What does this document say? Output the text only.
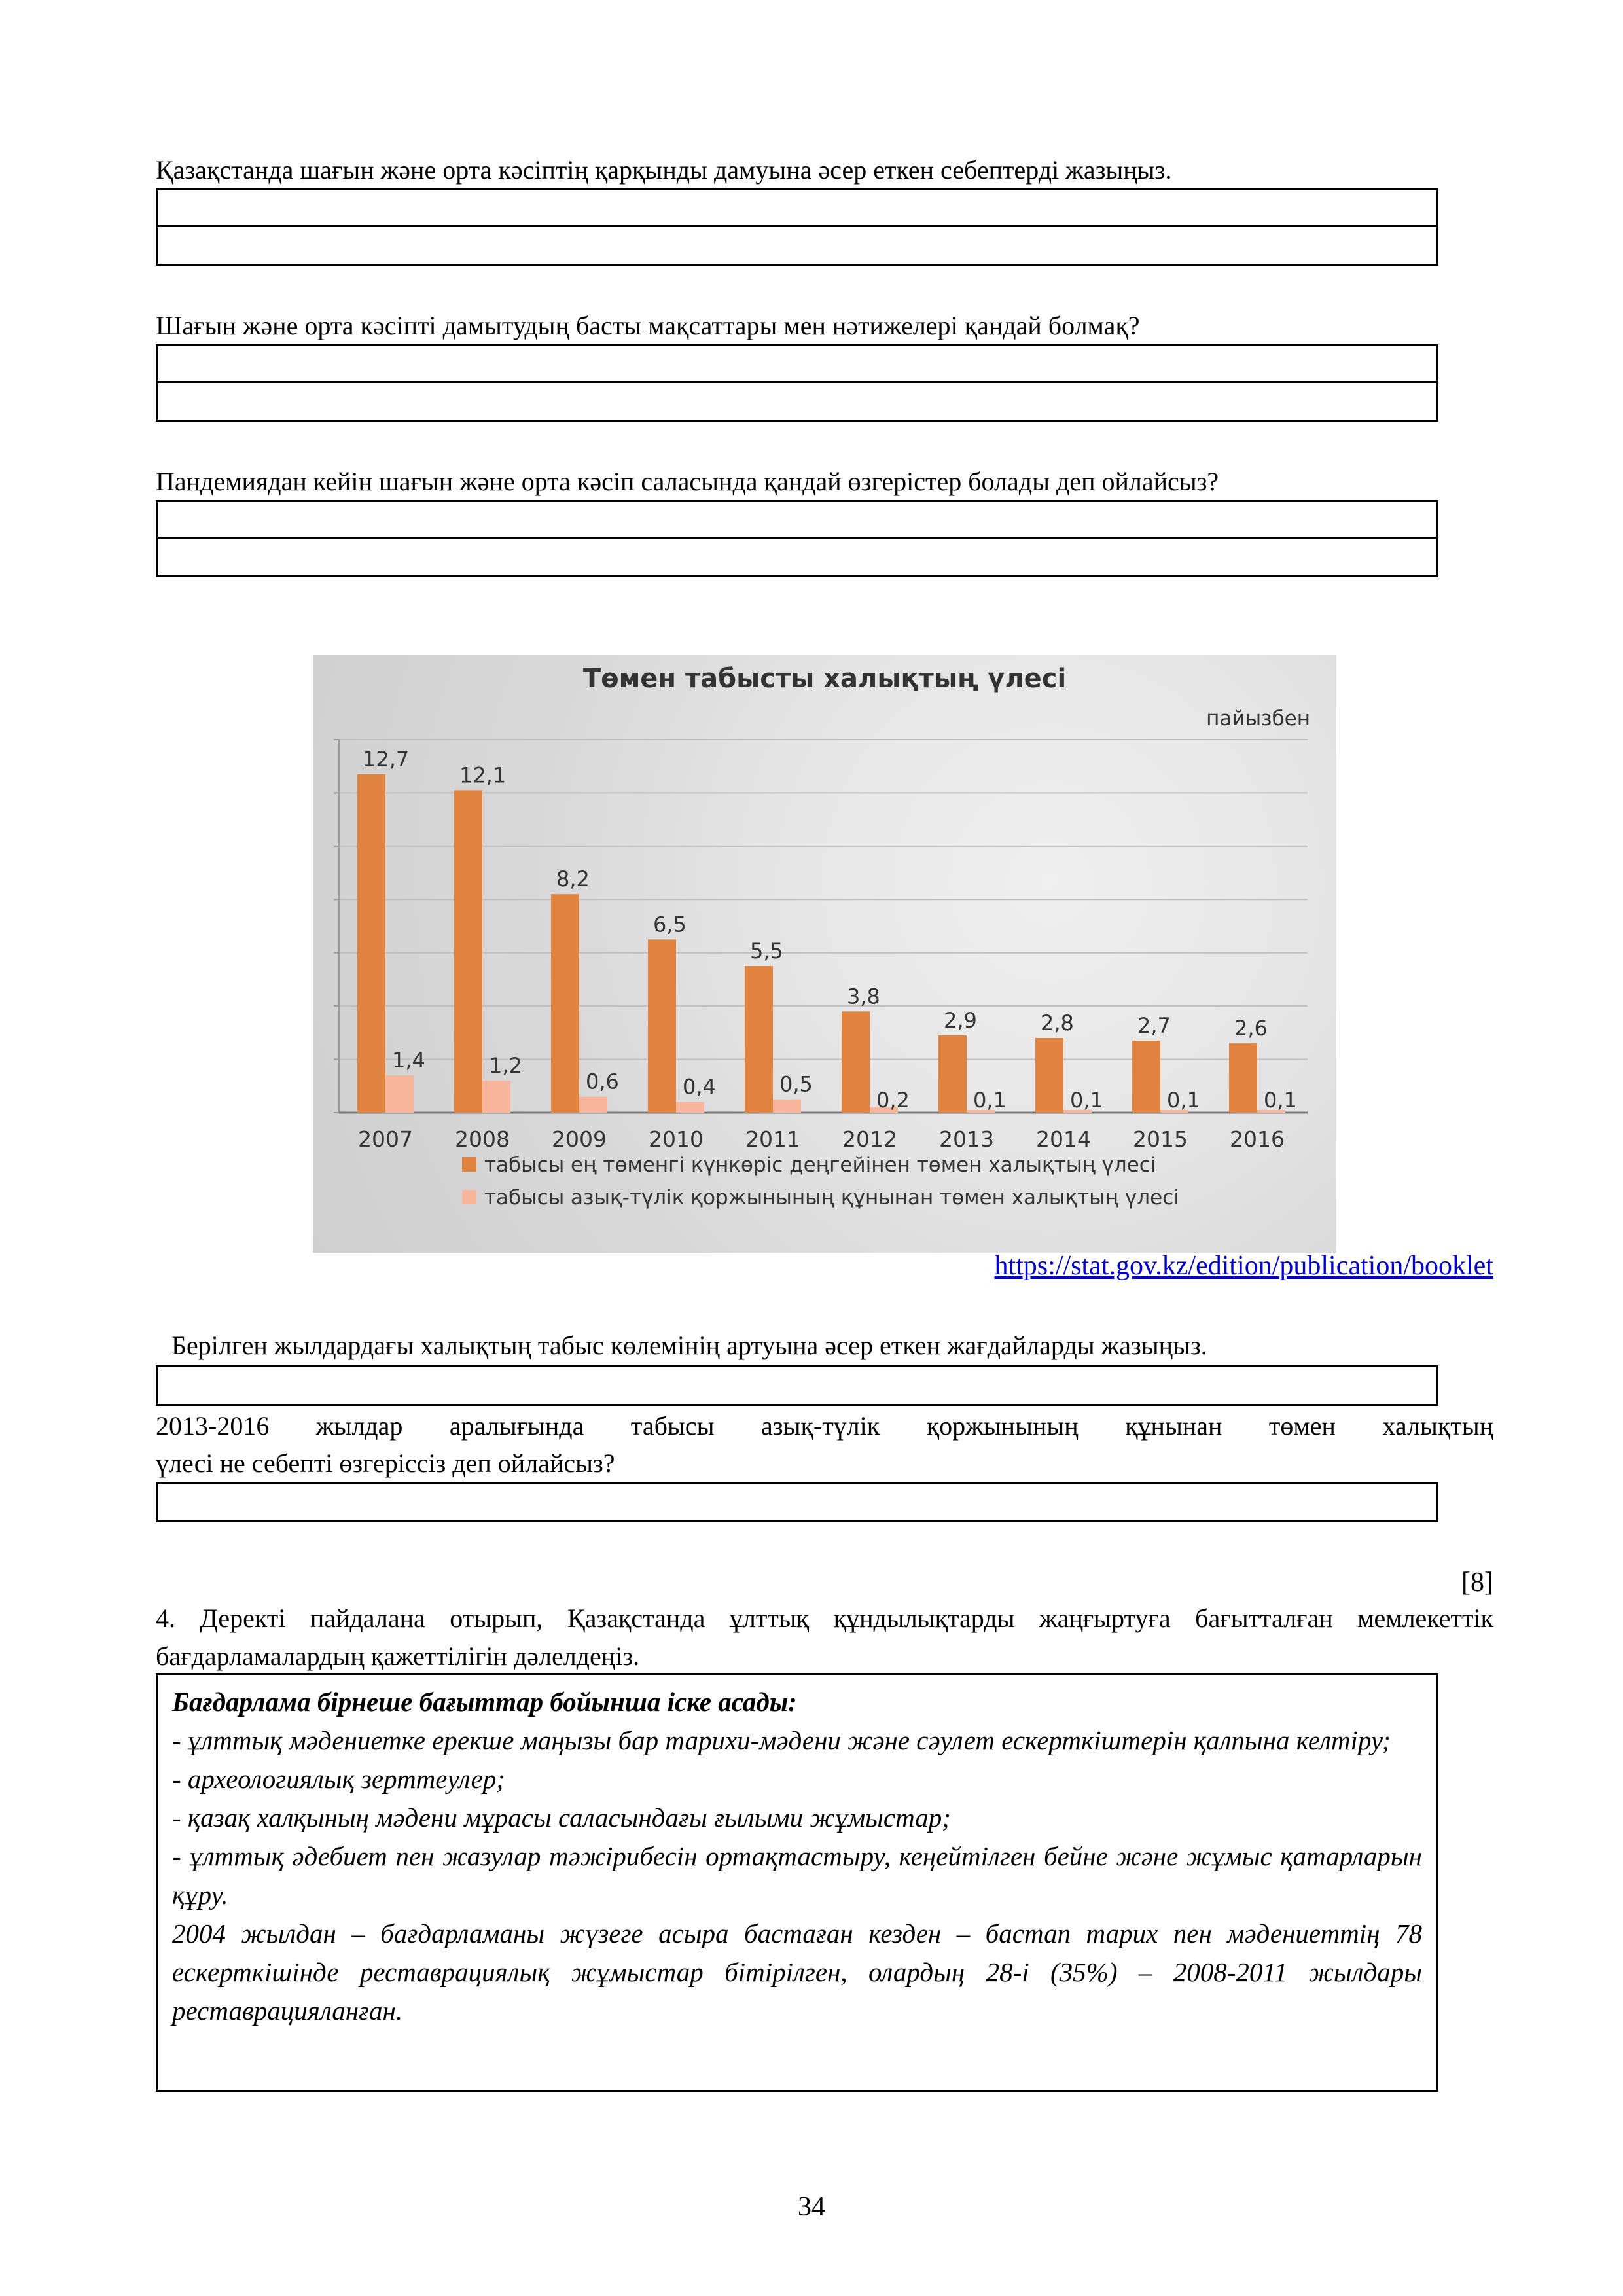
Қазақстанда шағын және орта кәсіптің қарқынды дамуына әсер еткен себептерді жазыңыз.
Шағын және орта кәсіпті дамытудың басты мақсаттары мен нәтижелері қандай болмақ?
Пандемиядан кейін шағын және орта кәсіп саласында қандай өзгерістер болады деп ойлайсыз?
Төмен табысты халықтың үлесі
пайызбен
12,7
1,4
12,1
1,2
8,2
0,6
6,5
0,4
5,5
0,5
3,8
0,2
2,9
0,1
2,8
0,1
2,7
0,1
2,6
0,1
2007 2008 2009 2010 2011 2012 2013 2014 2015 2016
табысы ең төменгі күнкөріс деңгейінен төмен халықтың үлесі
табысы азық-түлік қоржынының құнынан төмен халықтың үлесі
https://stat.gov.kz/edition/publication/booklet
Берілген жылдардағы халықтың табыс көлемінің артуына әсер еткен жағдайларды жазыңыз.
2013-2016 жылдар аралығында табысы азық-түлік қоржынының құнынан төмен халықтың
үлесі не себепті өзгеріссіз деп ойлайсыз?
[8]
4. Деректі пайдалана отырып, Қазақстанда ұлттық құндылықтарды жаңғыртуға бағытталған мемлекеттік бағдарламалардың қажеттілігін дәлелдеңіз.

Бағдарлама бірнеше бағыттар бойынша іске асады:

- ұлттық мәдениетке ерекше маңызы бар тарихи-мәдени және сәулет ескерткіштерін қалпына келтіру;

- археологиялық зерттеулер;

- қазақ халқының мәдени мұрасы саласындағы ғылыми жұмыстар;

- ұлттық әдебиет пен жазулар тәжірибесін ортақтастыру, кеңейтілген бейне және жұмыс қатарларын құру.

2004 жылдан – бағдарламаны жүзеге асыра бастаған кезден – бастап тарих пен мәдениеттің 78 ескерткішінде реставрациялық жұмыстар бітірілген, олардың 28-і (35%) – 2008-2011 жылдары реставрацияланған.

34
